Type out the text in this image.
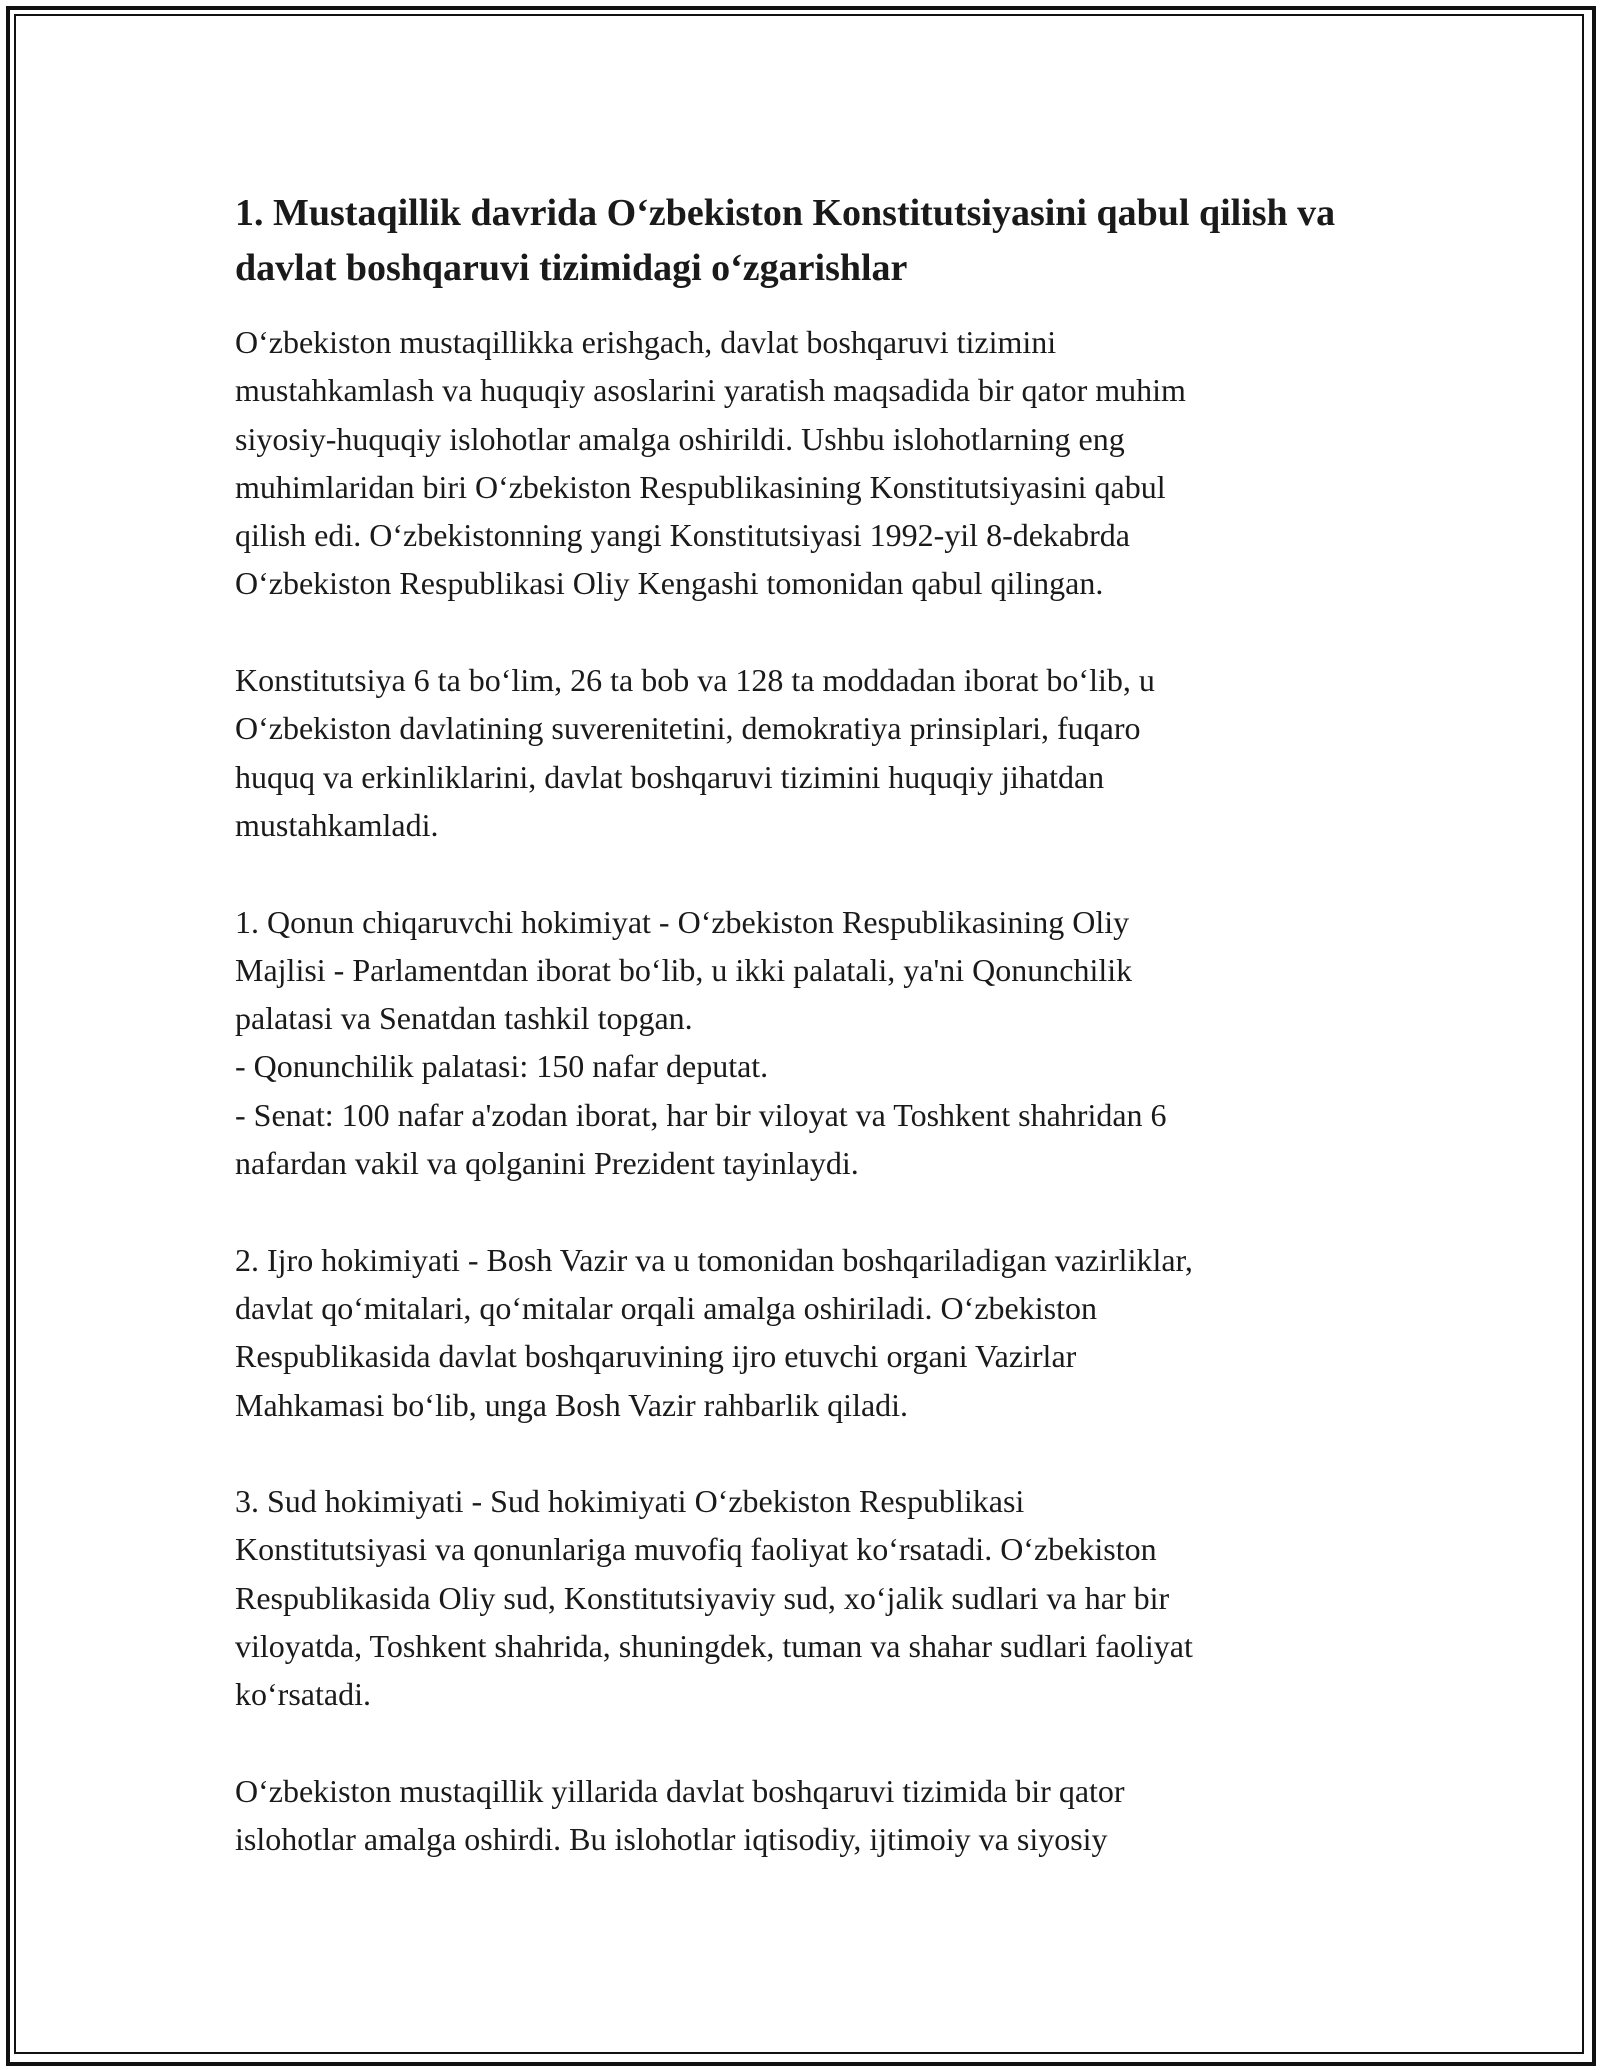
1. Mustaqillik davrida O‘zbekiston Konstitutsiyasini qabul qilish va davlat boshqaruvi tizimidagi o‘zgarishlar

O‘zbekiston mustaqillikka erishgach, davlat boshqaruvi tizimini
mustahkamlash va huquqiy asoslarini yaratish maqsadida bir qator muhim
siyosiy-huquqiy islohotlar amalga oshirildi. Ushbu islohotlarning eng
muhimlaridan biri O‘zbekiston Respublikasining Konstitutsiyasini qabul
qilish edi. O‘zbekistonning yangi Konstitutsiyasi 1992-yil 8-dekabrda
O‘zbekiston Respublikasi Oliy Kengashi tomonidan qabul qilingan.

Konstitutsiya 6 ta bo‘lim, 26 ta bob va 128 ta moddadan iborat bo‘lib, u
O‘zbekiston davlatining suverenitetini, demokratiya prinsiplari, fuqaro
huquq va erkinliklarini, davlat boshqaruvi tizimini huquqiy jihatdan
mustahkamladi.

1. Qonun chiqaruvchi hokimiyat - O‘zbekiston Respublikasining Oliy
Majlisi - Parlamentdan iborat bo‘lib, u ikki palatali, ya'ni Qonunchilik
palatasi va Senatdan tashkil topgan.
- Qonunchilik palatasi: 150 nafar deputat.
- Senat: 100 nafar a'zodan iborat, har bir viloyat va Toshkent shahridan 6
nafardan vakil va qolganini Prezident tayinlaydi.

2. Ijro hokimiyati - Bosh Vazir va u tomonidan boshqariladigan vazirliklar,
davlat qo‘mitalari, qo‘mitalar orqali amalga oshiriladi. O‘zbekiston
Respublikasida davlat boshqaruvining ijro etuvchi organi Vazirlar
Mahkamasi bo‘lib, unga Bosh Vazir rahbarlik qiladi.

3. Sud hokimiyati - Sud hokimiyati O‘zbekiston Respublikasi
Konstitutsiyasi va qonunlariga muvofiq faoliyat ko‘rsatadi. O‘zbekiston
Respublikasida Oliy sud, Konstitutsiyaviy sud, xo‘jalik sudlari va har bir
viloyatda, Toshkent shahrida, shuningdek, tuman va shahar sudlari faoliyat
ko‘rsatadi.

O‘zbekiston mustaqillik yillarida davlat boshqaruvi tizimida bir qator
islohotlar amalga oshirdi. Bu islohotlar iqtisodiy, ijtimoiy va siyosiy
